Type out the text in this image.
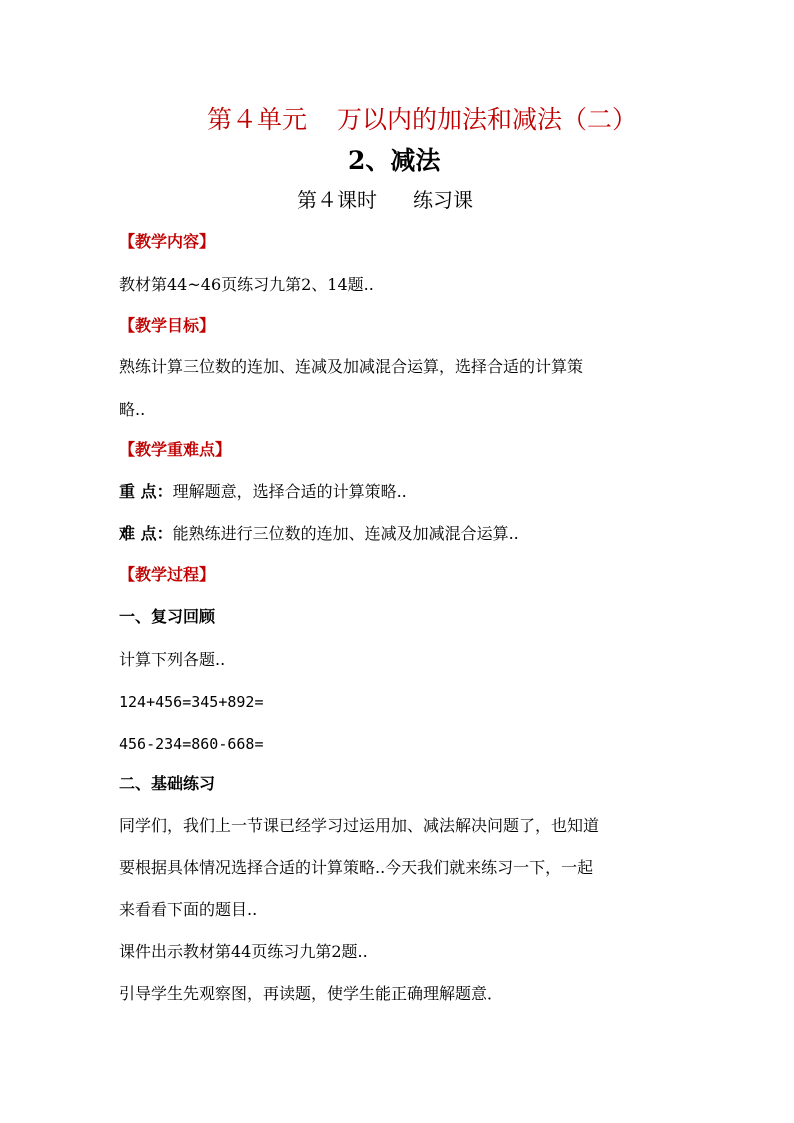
第４单元 万以内的加法和减法（二）
2、减法
第４课时 练习课
【教学内容】
教材第44~46页练习九第2、14题..
【教学目标】
熟练计算三位数的连加、连减及加减混合运算，选择合适的计算策
略..
【教学重难点】
重 点：理解题意，选择合适的计算策略..
难 点：能熟练进行三位数的连加、连减及加减混合运算..
【教学过程】
一、复习回顾
计算下列各题..
124+456=345+892=
456-234=860-668=
二、基础练习
同学们，我们上一节课已经学习过运用加、减法解决问题了，也知道
要根据具体情况选择合适的计算策略..今天我们就来练习一下，一起
来看看下面的题目..
课件出示教材第44页练习九第2题..
引导学生先观察图，再读题，使学生能正确理解题意．
